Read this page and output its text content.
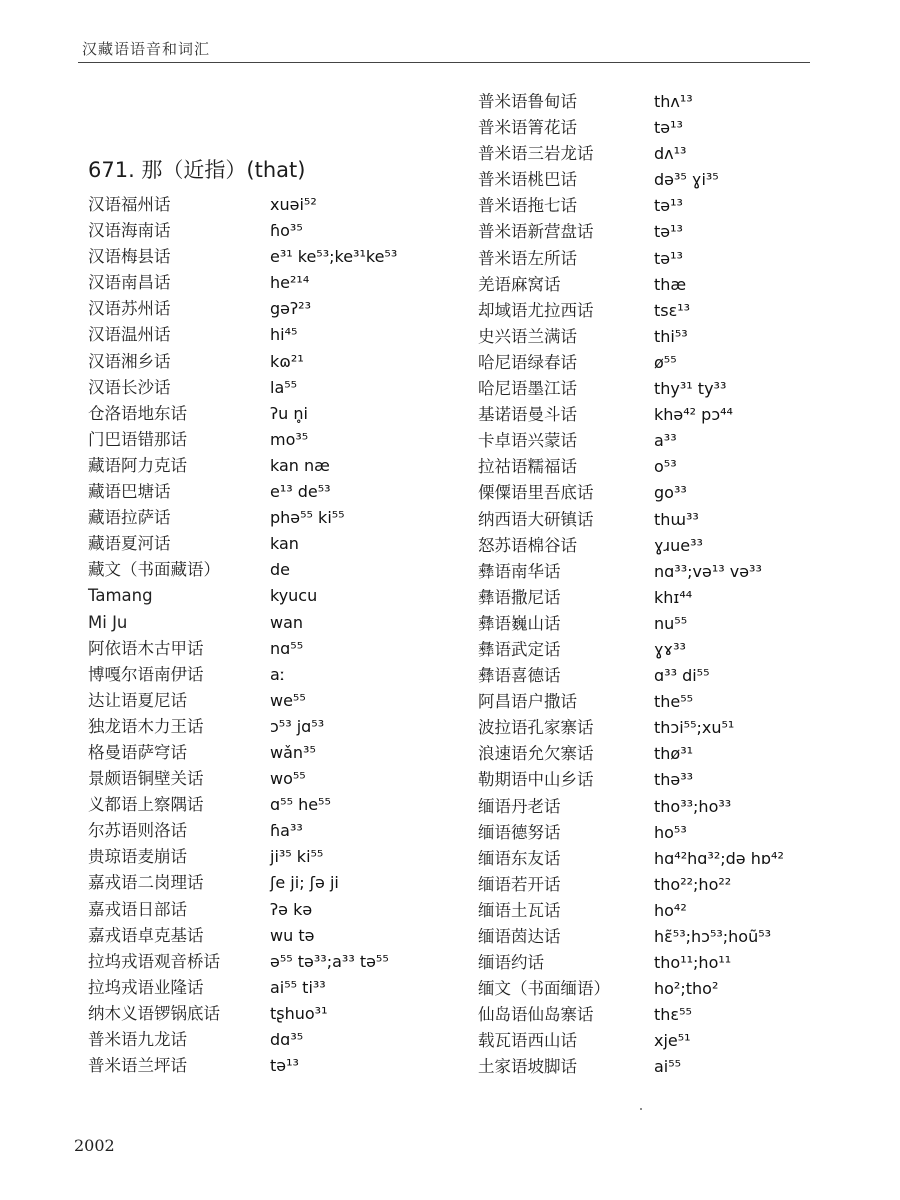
汉藏语语音和词汇
671. 那（近指）(that)
汉语福州话	xuəi⁵²
汉语海南话	ɦo³⁵
汉语梅县话	e³¹ ke⁵³;ke³¹ke⁵³
汉语南昌话	he²¹⁴
汉语苏州话	gəʔ²³
汉语温州话	hi⁴⁵
汉语湘乡话	kɷ²¹
汉语长沙话	la⁵⁵
仓洛语地东话	ʔu n̥i
门巴语错那话	mo³⁵
藏语阿力克话	kan næ
藏语巴塘话	e¹³ de⁵³
藏语拉萨话	phə⁵⁵ ki⁵⁵
藏语夏河话	kan
藏文（书面藏语）	de
Tamang	kyucu
Mi Ju	wan
阿依语木古甲话	nɑ⁵⁵
博嘎尔语南伊话	aː
达让语夏尼话	we⁵⁵
独龙语木力王话	ɔ⁵³ jɑ⁵³
格曼语萨穹话	wǎn³⁵
景颇语铜壁关话	wo⁵⁵
义都语上察隅话	ɑ⁵⁵ he⁵⁵
尔苏语则洛话	ɦa³³
贵琼语麦崩话	ji³⁵ ki⁵⁵
嘉戎语二岗理话	ʃe ji; ʃə ji
嘉戎语日部话	ʔə kə
嘉戎语卓克基话	wu tə
拉坞戎语观音桥话	ə⁵⁵ tə³³;a³³ tə⁵⁵
拉坞戎语业隆话	ai⁵⁵ ti³³
纳木义语锣锅底话	tʂhuo³¹
普米语九龙话	dɑ³⁵
普米语兰坪话	tə¹³
普米语鲁甸话	thʌ¹³
普米语箐花话	tə¹³
普米语三岩龙话	dʌ¹³
普米语桃巴话	də³⁵ ɣi³⁵
普米语拖七话	tə¹³
普米语新营盘话	tə¹³
普米语左所话	tə¹³
羌语麻窝话	thæ
却域语尤拉西话	tsɛ¹³
史兴语兰满话	thi⁵³
哈尼语绿春话	ø⁵⁵
哈尼语墨江话	thy³¹ ty³³
基诺语曼斗话	khə⁴² pɔ⁴⁴
卡卓语兴蒙话	a³³
拉祜语糯福话	o⁵³
傈僳语里吾底话	go³³
纳西语大研镇话	thɯ³³
怒苏语棉谷话	ɣɹue³³
彝语南华话	nɑ³³;və¹³ və³³
彝语撒尼话	khɪ⁴⁴
彝语巍山话	nu⁵⁵
彝语武定话	ɣɤ³³
彝语喜德话	ɑ³³ di⁵⁵
阿昌语户撒话	the⁵⁵
波拉语孔家寨话	thɔi⁵⁵;xu⁵¹
浪速语允欠寨话	thø³¹
勒期语中山乡话	thə³³
缅语丹老话	tho³³;ho³³
缅语德努话	ho⁵³
缅语东友话	hɑ⁴²hɑ³²;də hɒ⁴²
缅语若开话	tho²²;ho²²
缅语土瓦话	ho⁴²
缅语茵达话	hɛ̃⁵³;hɔ⁵³;hoũ⁵³
缅语约话	tho¹¹;ho¹¹
缅文（书面缅语）	ho²;tho²
仙岛语仙岛寨话	thɛ⁵⁵
载瓦语西山话	xje⁵¹
土家语坡脚话	ai⁵⁵
2002
